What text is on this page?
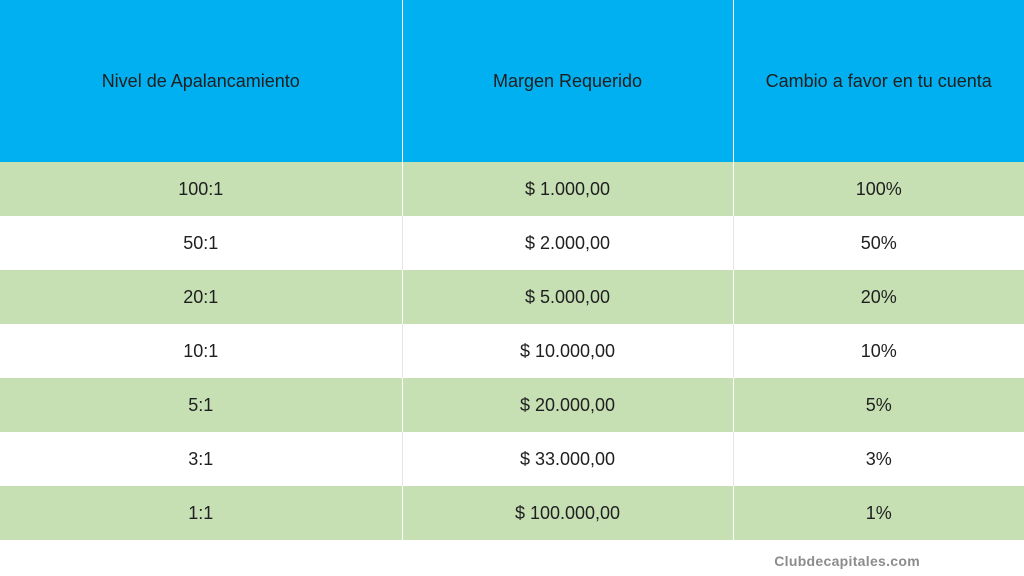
Nivel de Apalancamiento	Margen Requerido	Cambio a favor en tu cuenta
100:1	$ 1.000,00	100%
50:1	$ 2.000,00	50%
20:1	$ 5.000,00	20%
10:1	$ 10.000,00	10%
5:1	$ 20.000,00	5%
3:1	$ 33.000,00	3%
1:1	$ 100.000,00	1%
Clubdecapitales.com
